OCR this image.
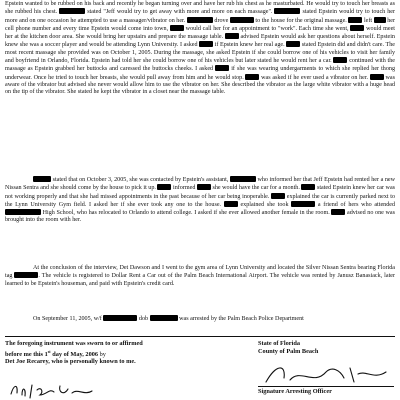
Epstein wanted to be rubbed on his back and recently he began turning over and have her rub his chest as he masturbated. He would try to touch her breasts as she rubbed his chest.	stated "Jeff would try to get away with more and more on each massage".	stated Epstein would try to touch her more and on one occasion he attempted to use a massager/vibrator on her.	drove	to the house for the original massage.	left her cell phone number and every time Epstein would come into town,	would call her for an appointment to "work". Each time she went,	would meet her at the kitchen door area. She would bring her upstairs and prepare the massage table.	advised Epstein would ask her questions about herself. Epstein knew she was a soccer player and would be attending Lynn University. I asked	if Epstein knew her real age.	stated Epstein did and didn't care. The most recent massage she provided was on October 1, 2005. During the massage, she asked Epstein if she could borrow one of his vehicles to visit her family and boyfriend in Orlando, Florida. Epstein had told her she could borrow one of his vehicles but later stated he would rent her a car.	continued with the massage as Epstein grabbed her buttocks and caressed the buttocks cheeks. I asked	if she was wearing undergarments to which she replied her thong underwear. Once he tried to touch her breasts, she would pull away from him and he would stop.	was asked if he ever used a vibrator on her.	was aware of the vibrator but advised she never would allow him to use the vibrator on her. She described the vibrator as the large white vibrator with a huge head on the tip of the vibrator. She stated he kept the vibrator in a closet near the massage table.

stated that on October 3, 2005, she was contacted by Epstein's assistant,	who informed her that Jeff Epstein had rented her a new Nissan Sentra and she should come by the house to pick it up.	informed	she would have the car for a month.	stated Epstein knew her car was not working properly and that she had missed appointments in the past because of her car being inoperable.	explained the car is currently parked next to the Lynn University Gym field. I asked her if she ever took any one to the house.	explained she took	a friend of hers who attended  High School, who has relocated to Orlando to attend college. I asked if she ever allowed another female in the room.	advised no one was brought into the room with her.

At the conclusion of the interview, Det Dawson and I went to the gym area of Lynn University and located the Silver Nissan Sentra bearing Florida tag	. The vehicle is registered to Dollar Rent a Car out of the Palm Beach International Airport. The vehicle was rented by Janusz Banasiack, later learned to be Epstein's houseman, and paid with Epstein's credit card.

On September 11, 2005, w/f	dob	was arrested by the Palm Beach Police Department

The foregoing instrument was sworn to or affirmed
before me this 1st day of May, 2006 by
Det Joe Recarey, who is personally known to me.
State of Florida
County of Palm Beach
Signature Arresting Officer
